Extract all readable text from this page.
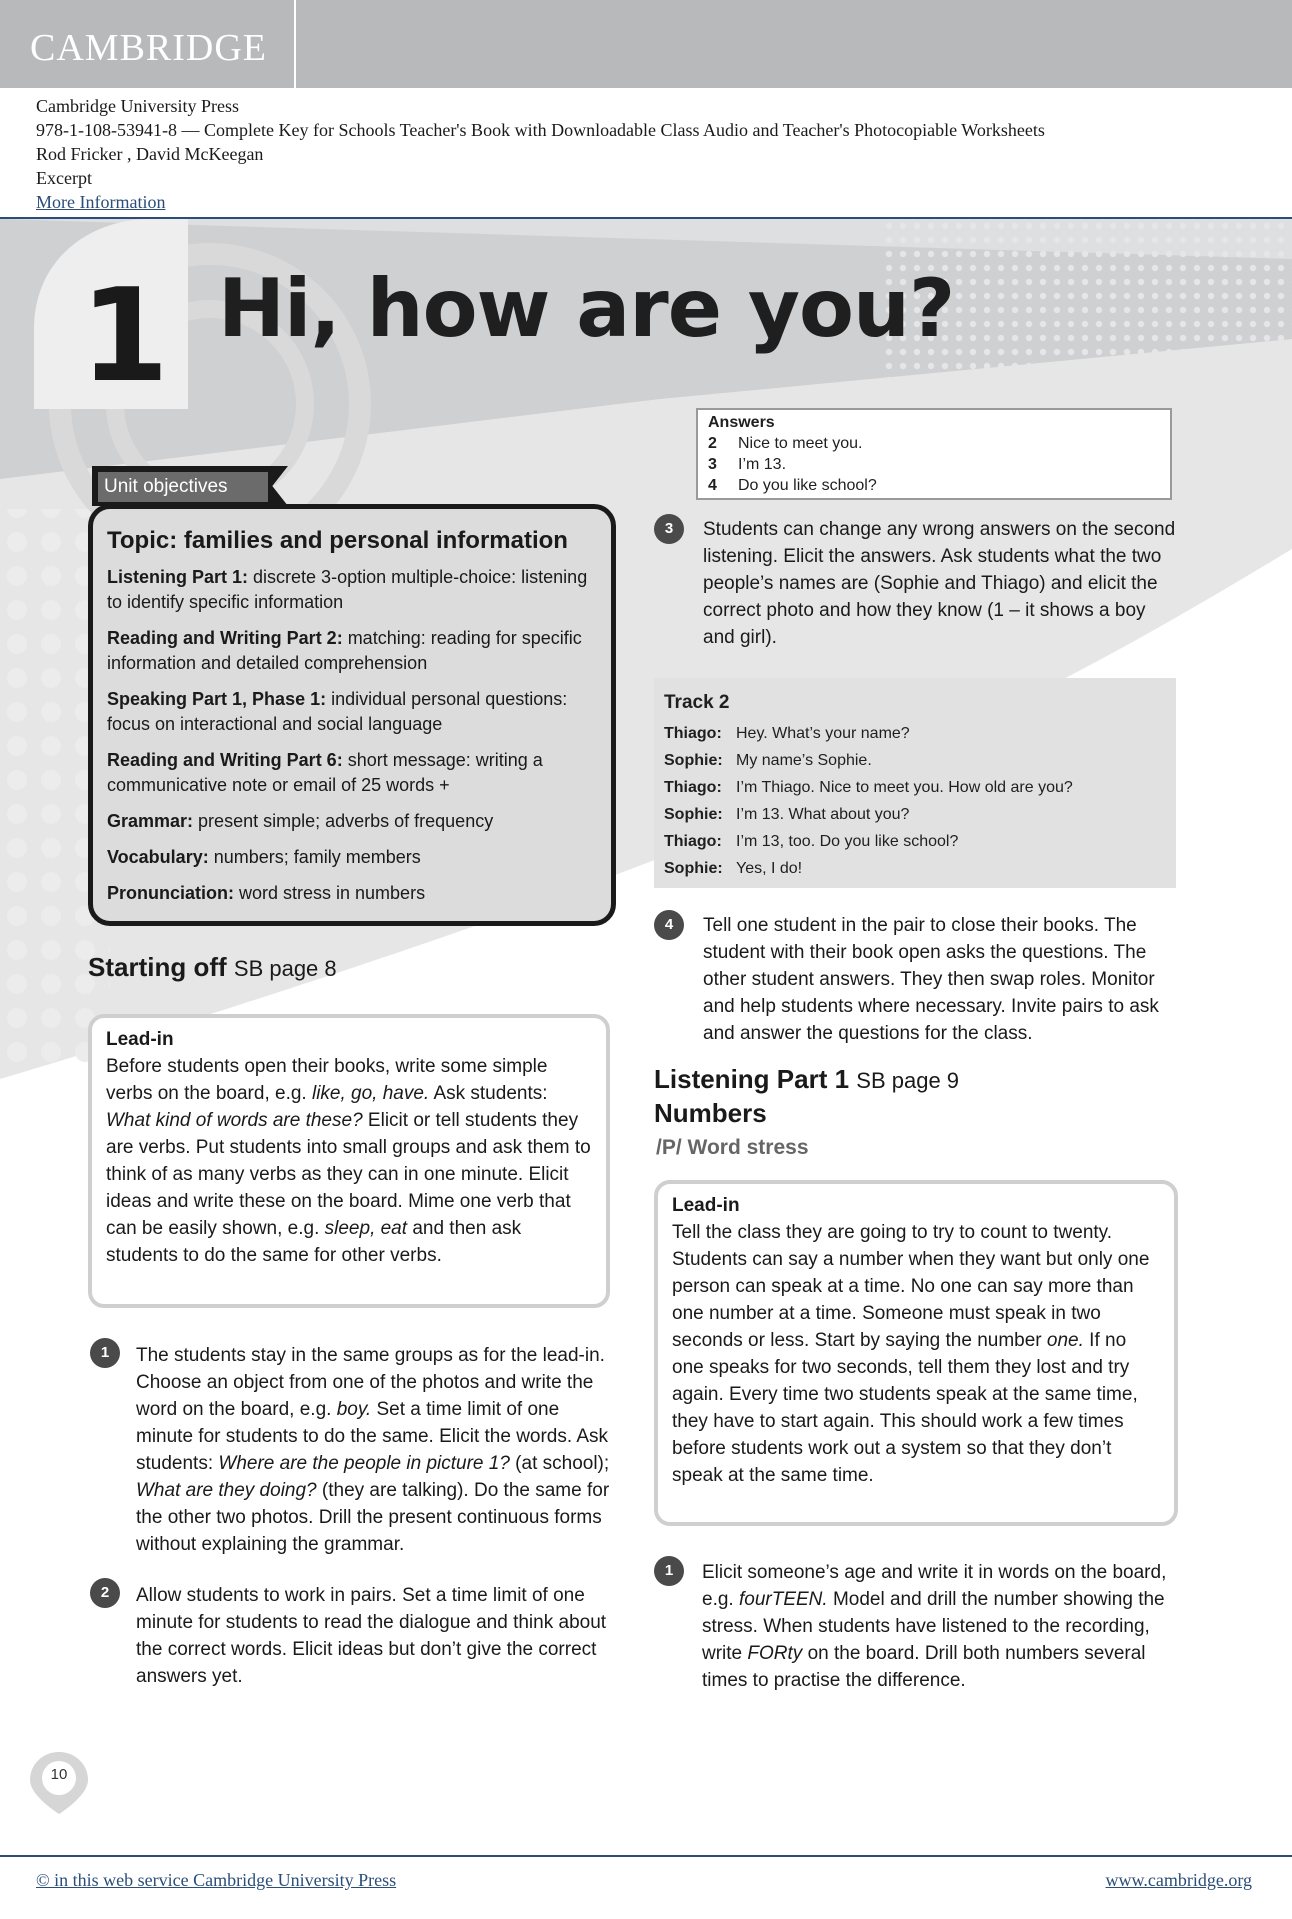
CAMBRIDGE
Cambridge University Press
978-1-108-53941-8 — Complete Key for Schools Teacher's Book with Downloadable Class Audio and Teacher's Photocopiable Worksheets
Rod Fricker , David McKeegan
Excerpt
More Information
1 Hi, how are you?
Unit objectives
Topic: families and personal information

Listening Part 1: discrete 3-option multiple-choice: listening to identify specific information

Reading and Writing Part 2: matching: reading for specific information and detailed comprehension

Speaking Part 1, Phase 1: individual personal questions: focus on interactional and social language

Reading and Writing Part 6: short message: writing a communicative note or email of 25 words +

Grammar: present simple; adverbs of frequency

Vocabulary: numbers; family members

Pronunciation: word stress in numbers

Starting off SB page 8
Lead-in
Before students open their books, write some simple verbs on the board, e.g. like, go, have. Ask students: What kind of words are these? Elicit or tell students they are verbs. Put students into small groups and ask them to think of as many verbs as they can in one minute. Elicit ideas and write these on the board. Mime one verb that can be easily shown, e.g. sleep, eat and then ask students to do the same for other verbs.
1	The students stay in the same groups as for the lead-in. Choose an object from one of the photos and write the word on the board, e.g. boy. Set a time limit of one minute for students to do the same. Elicit the words. Ask students: Where are the people in picture 1? (at school); What are they doing? (they are talking). Do the same for the other two photos. Drill the present continuous forms without explaining the grammar.
2	Allow students to work in pairs. Set a time limit of one minute for students to read the dialogue and think about the correct words. Elicit ideas but don’t give the correct answers yet.
Answers
2 Nice to meet you.
3 I’m 13.
4 Do you like school?
3	Students can change any wrong answers on the second listening. Elicit the answers. Ask students what the two people’s names are (Sophie and Thiago) and elicit the correct photo and how they know (1 – it shows a boy and girl).
Track 2
Thiago: Hey. What’s your name?
Sophie: My name’s Sophie.
Thiago: I’m Thiago. Nice to meet you. How old are you?
Sophie: I’m 13. What about you?
Thiago: I’m 13, too. Do you like school?
Sophie: Yes, I do!
4	Tell one student in the pair to close their books. The student with their book open asks the questions. The other student answers. They then swap roles. Monitor and help students where necessary. Invite pairs to ask and answer the questions for the class.
Listening Part 1 SB page 9
Numbers
/P/ Word stress
Lead-in
Tell the class they are going to try to count to twenty. Students can say a number when they want but only one person can speak at a time. No one can say more than one number at a time. Someone must speak in two seconds or less. Start by saying the number one. If no one speaks for two seconds, tell them they lost and try again. Every time two students speak at the same time, they have to start again. This should work a few times before students work out a system so that they don’t speak at the same time.
1	Elicit someone’s age and write it in words on the board, e.g. fourTEEN. Model and drill the number showing the stress. When students have listened to the recording, write FORty on the board. Drill both numbers several times to practise the difference.
10
© in this web service Cambridge University Press	www.cambridge.org
